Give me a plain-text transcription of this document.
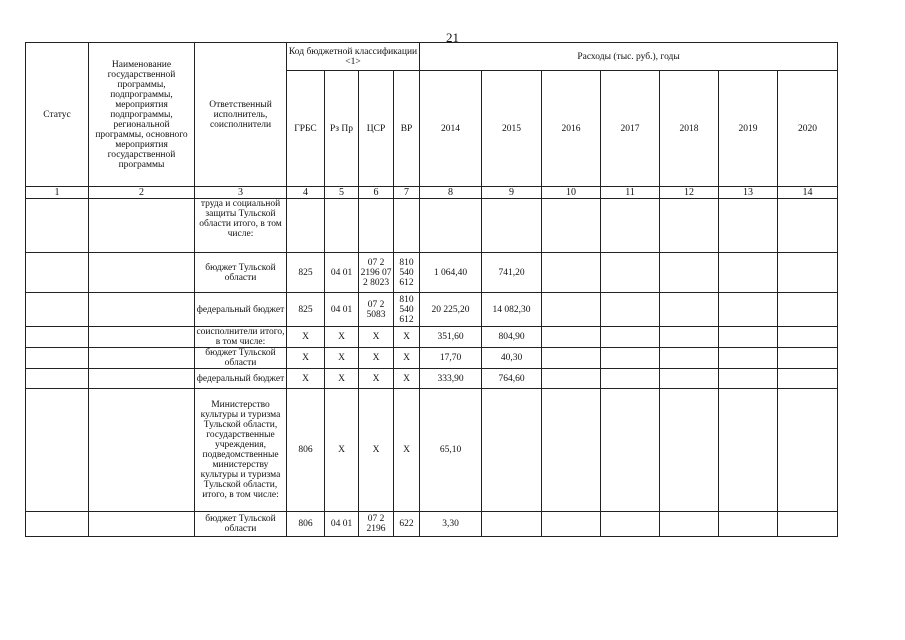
21
Статус	Наименование государственной программы, подпрограммы, мероприятия подпрограммы, региональной программы, основного мероприятия государственной программы	Ответственный исполнитель, соисполнители	Код бюджетной классификации <1>				Расходы (тыс. руб.), годы						
			ГРБС	Рз Пр	ЦСР	ВР	2014	2015	2016	2017	2018	2019	2020
1	2	3	4	5	6	7	8	9	10	11	12	13	14
		труда и социальной защиты Тульской области итого, в том числе:											
		бюджет Тульской области	825	04 01	07 2 2196 07 2 8023	810 540 612	1 064,40	741,20					
		федеральный бюджет	825	04 01	07 2 5083	810 540 612	20 225,20	14 082,30					
		соисполнители итого, в том числе:	X	X	X	X	351,60	804,90					
		бюджет Тульской области	X	X	X	X	17,70	40,30					
		федеральный бюджет	X	X	X	X	333,90	764,60					
		Министерство культуры и туризма Тульской области, государственные учреждения, подведомственные министерству культуры и туризма Тульской области, итого, в том числе:	806	X	X	X	65,10						
		бюджет Тульской области	806	04 01	07 2 2196	622	3,30						
